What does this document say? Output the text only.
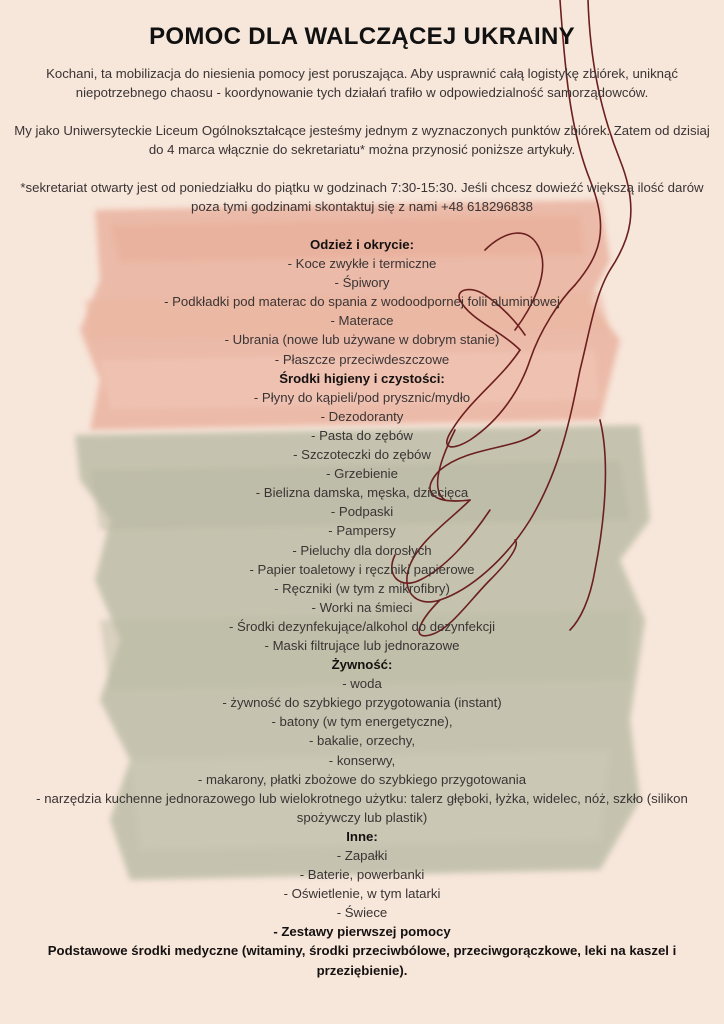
POMOC DLA WALCZĄCEJ UKRAINY

Kochani, ta mobilizacja do niesienia pomocy jest poruszająca. Aby usprawnić całą logistykę zbiórek, uniknąć niepotrzebnego chaosu - koordynowanie tych działań trafiło w odpowiedzialność samorządowców.

My jako Uniwersyteckie Liceum Ogólnokształcące jesteśmy jednym z wyznaczonych punktów zbiórek. Zatem od dzisiaj do 4 marca włącznie do sekretariatu* można przynosić poniższe artykuły.

*sekretariat otwarty jest od poniedziałku do piątku w godzinach 7:30-15:30. Jeśli chcesz dowieźć większą ilość darów poza tymi godzinami skontaktuj się z nami +48 618296838

Odzież i okrycie:
- Koce zwykłe i termiczne
- Śpiwory
- Podkładki pod materac do spania z wodoodpornej folii aluminiowej
- Materace
- Ubrania (nowe lub używane w dobrym stanie)
- Płaszcze przeciwdeszczowe
Środki higieny i czystości:
- Płyny do kąpieli/pod prysznic/mydło
- Dezodoranty
- Pasta do zębów
- Szczoteczki do zębów
- Grzebienie
- Bielizna damska, męska, dziecięca
- Podpaski
- Pampersy
- Pieluchy dla dorosłych
- Papier toaletowy i ręczniki papierowe
- Ręczniki (w tym z mikrofibry)
- Worki na śmieci
- Środki dezynfekujące/alkohol do dezynfekcji
- Maski filtrujące lub jednorazowe
Żywność:
- woda
- żywność do szybkiego przygotowania (instant)
- batony (w tym energetyczne),
- bakalie, orzechy,
- konserwy,
- makarony, płatki zbożowe do szybkiego przygotowania
- narzędzia kuchenne jednorazowego lub wielokrotnego użytku: talerz głęboki, łyżka, widelec, nóż, szkło (silikon spożywczy lub plastik)
Inne:
- Zapałki
- Baterie, powerbanki
- Oświetlenie, w tym latarki
- Świece
- Zestawy pierwszej pomocy
Podstawowe środki medyczne (witaminy, środki przeciwbólowe, przeciwgorączkowe, leki na kaszel i przeziębienie).
